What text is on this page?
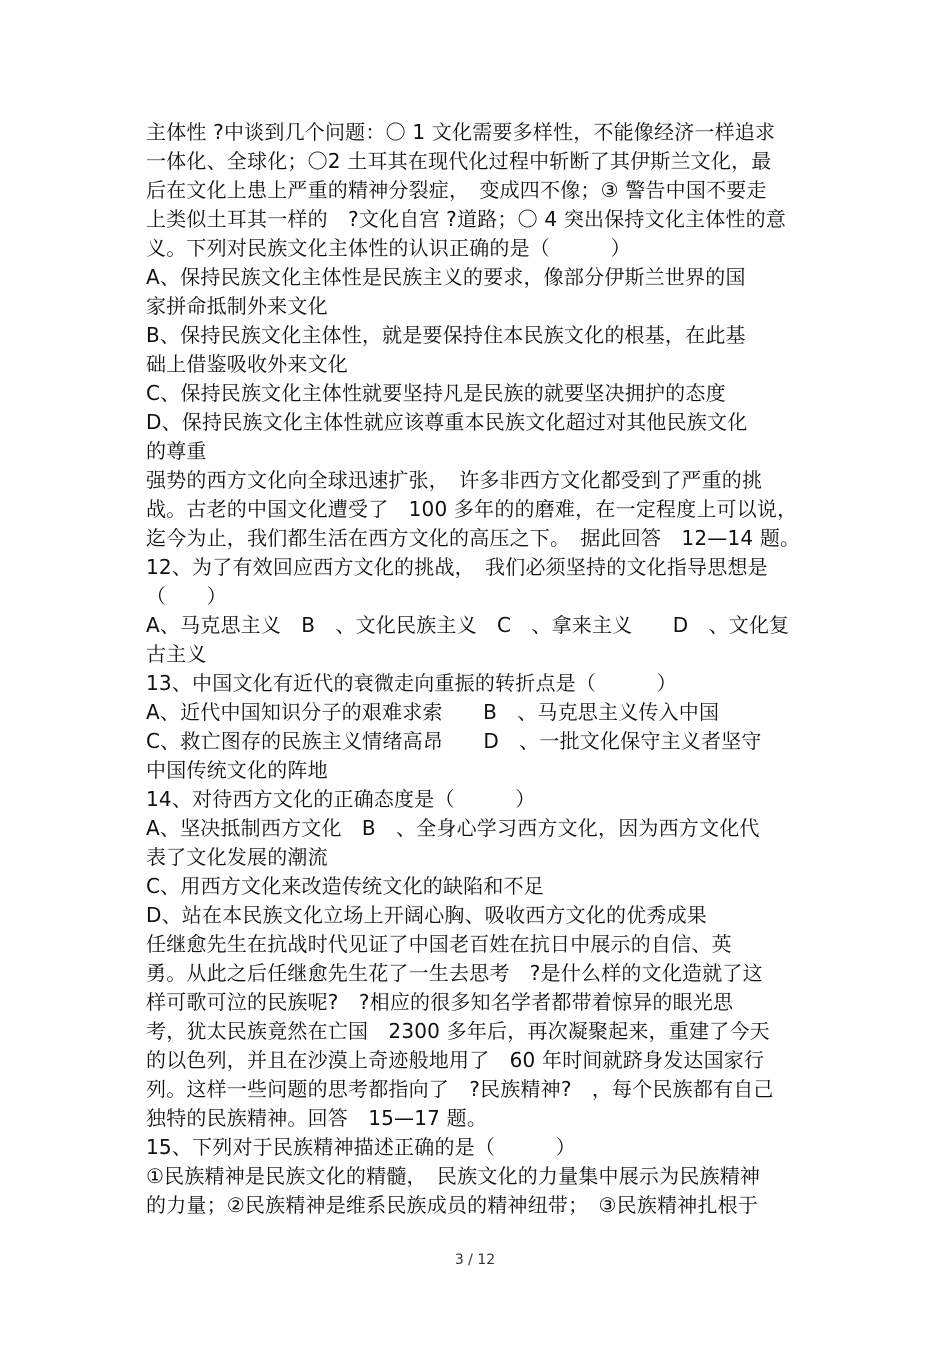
主体性 ?中谈到几个问题：〇 1 文化需要多样性，不能像经济一样追求
一体化、全球化；〇2 土耳其在现代化过程中斩断了其伊斯兰文化，最
后在文化上患上严重的精神分裂症，　变成四不像；③ 警告中国不要走
上类似土耳其一样的　?文化自宫 ?道路；〇 4 突出保持文化主体性的意
义。下列对民族文化主体性的认识正确的是（　　　）
A、保持民族文化主体性是民族主义的要求，像部分伊斯兰世界的国
家拼命抵制外来文化
B、保持民族文化主体性，就是要保持住本民族文化的根基，在此基
础上借鉴吸收外来文化
C、保持民族文化主体性就要坚持凡是民族的就要坚决拥护的态度
D、保持民族文化主体性就应该尊重本民族文化超过对其他民族文化
的尊重
强势的西方文化向全球迅速扩张，　许多非西方文化都受到了严重的挑
战。古老的中国文化遭受了　100 多年的的磨难，在一定程度上可以说，
迄今为止，我们都生活在西方文化的高压之下。　据此回答　12—14 题。
12、为了有效回应西方文化的挑战，　我们必须坚持的文化指导思想是
（　　）
A、马克思主义　B　、文化民族主义　C　、拿来主义　　D　、文化复
古主义
13、中国文化有近代的衰微走向重振的转折点是（　　　）
A、近代中国知识分子的艰难求索　　B　、马克思主义传入中国
C、救亡图存的民族主义情绪高昂　　D　、一批文化保守主义者坚守
中国传统文化的阵地
14、对待西方文化的正确态度是（　　　）
A、坚决抵制西方文化　B　、全身心学习西方文化，因为西方文化代
表了文化发展的潮流
C、用西方文化来改造传统文化的缺陷和不足
D、站在本民族文化立场上开阔心胸、吸收西方文化的优秀成果
任继愈先生在抗战时代见证了中国老百姓在抗日中展示的自信、英
勇。从此之后任继愈先生花了一生去思考　?是什么样的文化造就了这
样可歌可泣的民族呢?　?相应的很多知名学者都带着惊异的眼光思
考，犹太民族竟然在亡国　2300 多年后，再次凝聚起来，重建了今天
的以色列，并且在沙漠上奇迹般地用了　60 年时间就跻身发达国家行
列。这样一些问题的思考都指向了　?民族精神?　，每个民族都有自己
独特的民族精神。回答　15—17 题。
15、下列对于民族精神描述正确的是（　　　）
①民族精神是民族文化的精髓，　民族文化的力量集中展示为民族精神
的力量；②民族精神是维系民族成员的精神纽带；　③民族精神扎根于
3 / 12
